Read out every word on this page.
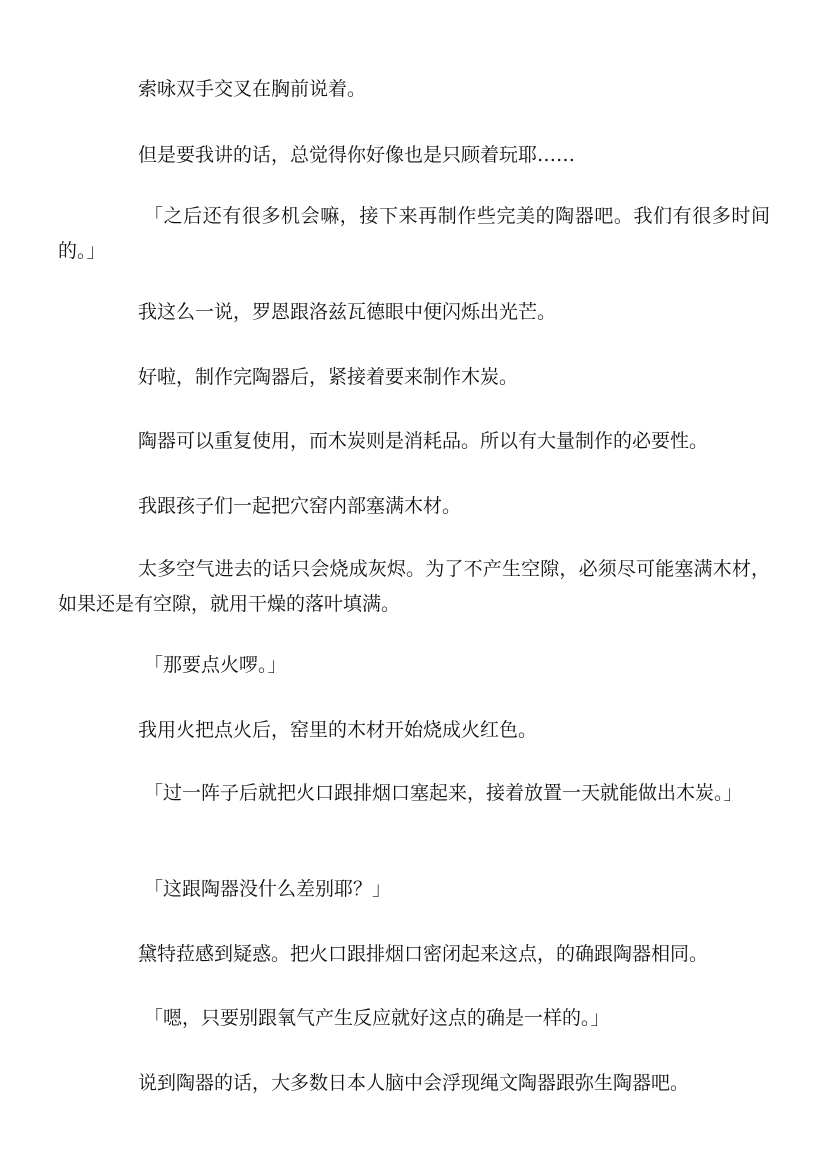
索咏双手交叉在胸前说着。

但是要我讲的话，总觉得你好像也是只顾着玩耶……

「之后还有很多机会嘛，接下来再制作些完美的陶器吧。我们有很多时间的。」

我这么一说，罗恩跟洛兹瓦德眼中便闪烁出光芒。

好啦，制作完陶器后，紧接着要来制作木炭。

陶器可以重复使用，而木炭则是消耗品。所以有大量制作的必要性。

我跟孩子们一起把穴窑内部塞满木材。

太多空气进去的话只会烧成灰烬。为了不产生空隙，必须尽可能塞满木材，如果还是有空隙，就用干燥的落叶填满。

「那要点火啰。」

我用火把点火后，窑里的木材开始烧成火红色。

「过一阵子后就把火口跟排烟口塞起来，接着放置一天就能做出木炭。」

「这跟陶器没什么差别耶？」

黛特菈感到疑惑。把火口跟排烟口密闭起来这点，的确跟陶器相同。

「嗯，只要别跟氧气产生反应就好这点的确是一样的。」

说到陶器的话，大多数日本人脑中会浮现绳文陶器跟弥生陶器吧。
